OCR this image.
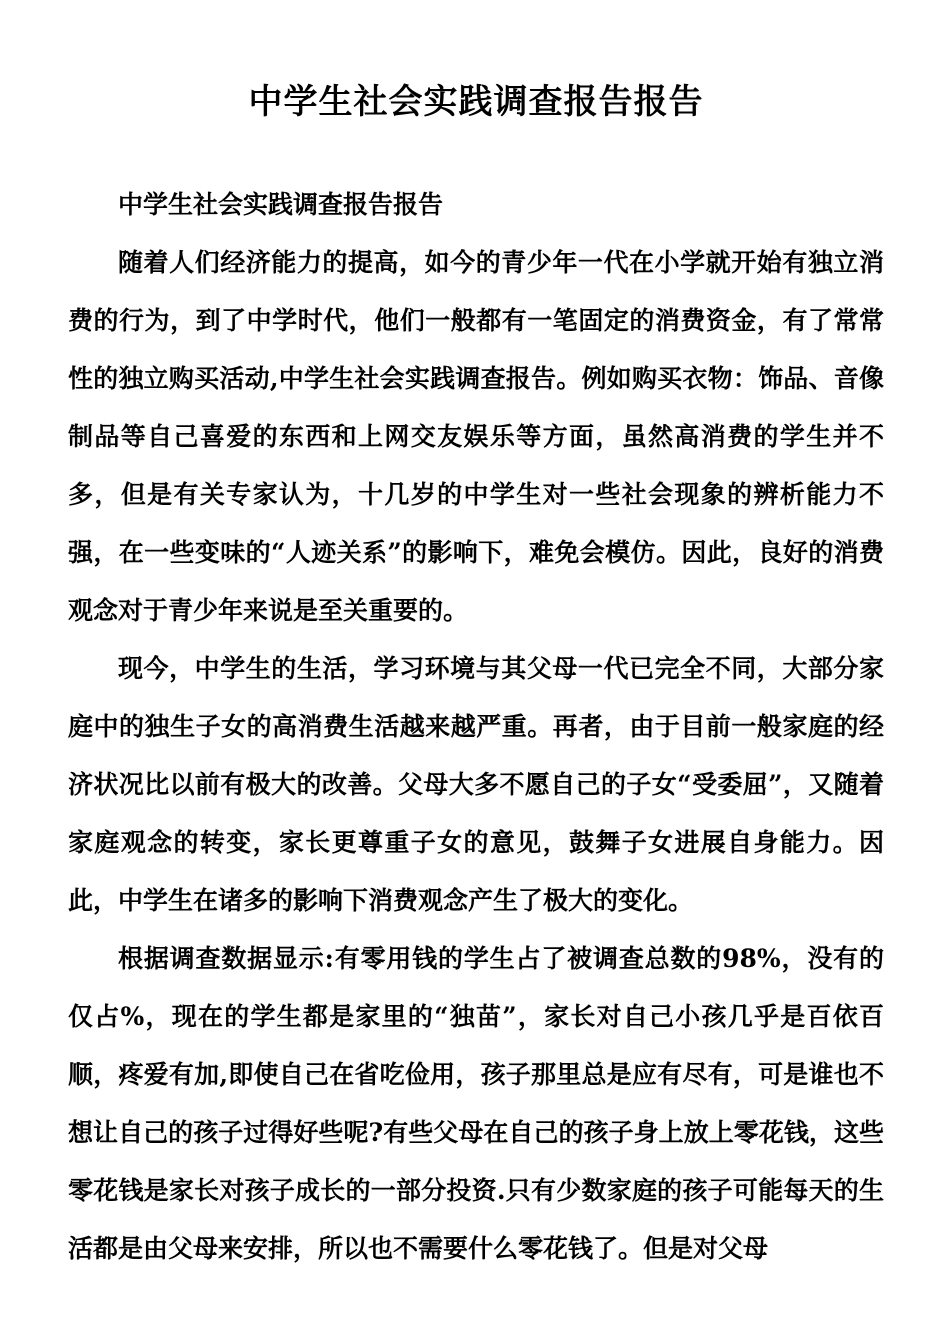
中学生社会实践调查报告报告

中学生社会实践调查报告报告

随着人们经济能力的提高，如今的青少年一代在小学就开始有独立消费的行为，到了中学时代，他们一般都有一笔固定的消费资金，有了常常性的独立购买活动,中学生社会实践调查报告。例如购买衣物：饰品、音像制品等自己喜爱的东西和上网交友娱乐等方面，虽然高消费的学生并不多，但是有关专家认为，十几岁的中学生对一些社会现象的辨析能力不强，在一些变味的“人迹关系”的影响下，难免会模仿。因此，良好的消费观念对于青少年来说是至关重要的。

现今，中学生的生活，学习环境与其父母一代已完全不同，大部分家庭中的独生子女的高消费生活越来越严重。再者，由于目前一般家庭的经济状况比以前有极大的改善。父母大多不愿自己的子女“受委屈”，又随着家庭观念的转变，家长更尊重子女的意见，鼓舞子女进展自身能力。因此，中学生在诸多的影响下消费观念产生了极大的变化。

根据调查数据显示:有零用钱的学生占了被调查总数的98%，没有的仅占%，现在的学生都是家里的“独苗”，家长对自己小孩几乎是百依百顺，疼爱有加,即使自己在省吃俭用，孩子那里总是应有尽有，可是谁也不想让自己的孩子过得好些呢?有些父母在自己的孩子身上放上零花钱，这些零花钱是家长对孩子成长的一部分投资.只有少数家庭的孩子可能每天的生活都是由父母来安排，所以也不需要什么零花钱了。但是对父母
